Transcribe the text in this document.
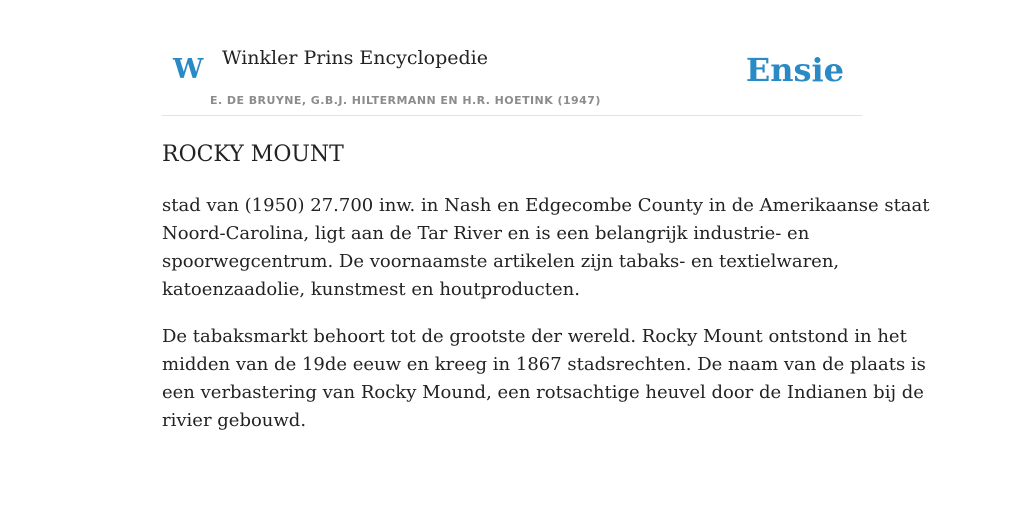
W Winkler Prins Encyclopedie
E. DE BRUYNE, G.B.J. HILTERMANN EN H.R. HOETINK (1947)
Ensie
ROCKY MOUNT

stad van (1950) 27.700 inw. in Nash en Edgecombe County in de Amerikaanse staat
Noord-Carolina, ligt aan de Tar River en is een belangrijk industrie- en
spoorwegcentrum. De voornaamste artikelen zijn tabaks- en textielwaren,
katoenzaadolie, kunstmest en houtproducten.

De tabaksmarkt behoort tot de grootste der wereld. Rocky Mount ontstond in het
midden van de 19de eeuw en kreeg in 1867 stadsrechten. De naam van de plaats is
een verbastering van Rocky Mound, een rotsachtige heuvel door de Indianen bij de
rivier gebouwd.
